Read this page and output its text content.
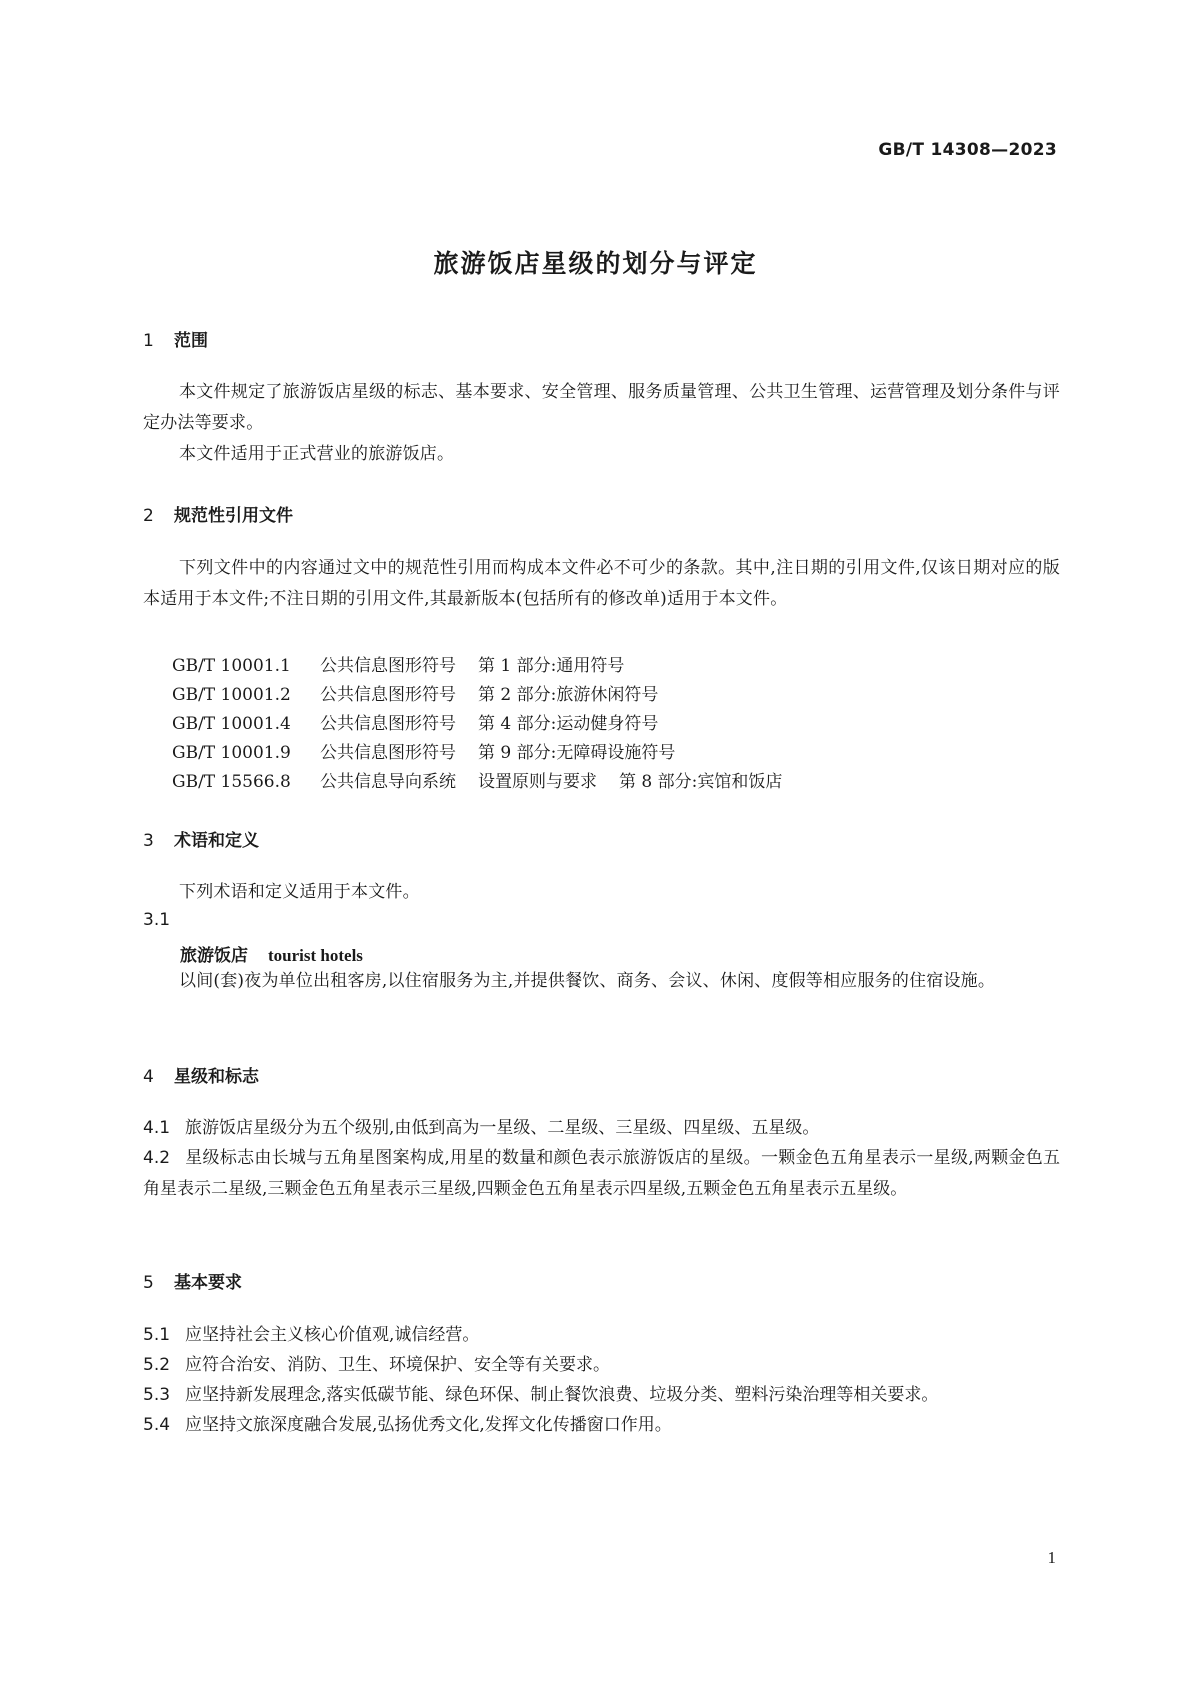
GB/T 14308—2023
旅游饭店星级的划分与评定
1 范围
本文件规定了旅游饭店星级的标志、基本要求、安全管理、服务质量管理、公共卫生管理、运营管理及划分条件与评定办法等要求。
本文件适用于正式营业的旅游饭店。
2 规范性引用文件
下列文件中的内容通过文中的规范性引用而构成本文件必不可少的条款。其中,注日期的引用文件,仅该日期对应的版本适用于本文件;不注日期的引用文件,其最新版本(包括所有的修改单)适用于本文件。
GB/T 10001.1 公共信息图形符号 第 1 部分:通用符号
GB/T 10001.2 公共信息图形符号 第 2 部分:旅游休闲符号
GB/T 10001.4 公共信息图形符号 第 4 部分:运动健身符号
GB/T 10001.9 公共信息图形符号 第 9 部分:无障碍设施符号
GB/T 15566.8 公共信息导向系统 设置原则与要求 第 8 部分:宾馆和饭店
3 术语和定义
下列术语和定义适用于本文件。
3.1
旅游饭店 tourist hotels
以间(套)夜为单位出租客房,以住宿服务为主,并提供餐饮、商务、会议、休闲、度假等相应服务的住宿设施。
4 星级和标志
4.1 旅游饭店星级分为五个级别,由低到高为一星级、二星级、三星级、四星级、五星级。
4.2 星级标志由长城与五角星图案构成,用星的数量和颜色表示旅游饭店的星级。一颗金色五角星表示一星级,两颗金色五角星表示二星级,三颗金色五角星表示三星级,四颗金色五角星表示四星级,五颗金色五角星表示五星级。
5 基本要求
5.1 应坚持社会主义核心价值观,诚信经营。
5.2 应符合治安、消防、卫生、环境保护、安全等有关要求。
5.3 应坚持新发展理念,落实低碳节能、绿色环保、制止餐饮浪费、垃圾分类、塑料污染治理等相关要求。
5.4 应坚持文旅深度融合发展,弘扬优秀文化,发挥文化传播窗口作用。
1
